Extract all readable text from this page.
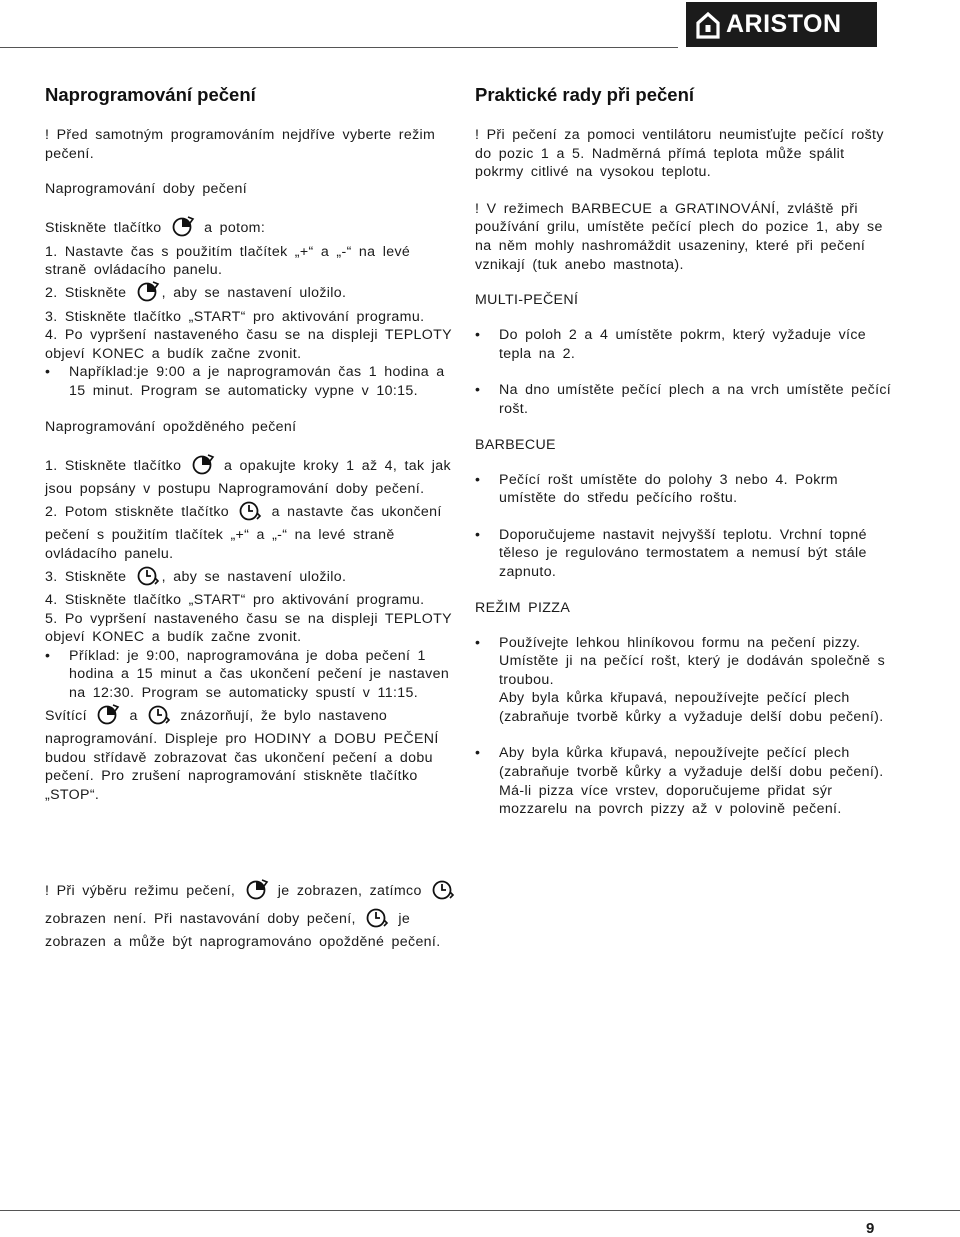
ARISTON
Naprogramování pečení

! Před samotným programováním nejdříve vyberte režim pečení.

Naprogramování doby pečení

Stiskněte tlačítko	a potom:

1. Nastavte čas s použitím tlačítek „+“ a „-“ na levé straně ovládacího panelu.

2. Stiskněte , aby se nastavení uložilo.

3. Stiskněte tlačítko „START“ pro aktivování programu.

4. Po vypršení nastaveného času se na displeji TEPLOTY objeví KONEC a budík začne zvonit.

• Například:je 9:00 a je naprogramován čas 1 hodina a 15 minut. Program se automaticky vypne v 10:15.

Naprogramování opožděného pečení

1. Stiskněte tlačítko	a opakujte kroky 1 až 4, tak jak jsou popsány v postupu Naprogramování doby pečení.

2. Potom stiskněte tlačítko	a nastavte čas ukončení pečení s použitím tlačítek „+“ a „-“ na levé straně ovládacího panelu.

3. Stiskněte , aby se nastavení uložilo.

4. Stiskněte tlačítko „START“ pro aktivování programu.

5. Po vypršení nastaveného času se na displeji TEPLOTY objeví KONEC a budík začne zvonit.

• Příklad: je 9:00, naprogramována je doba pečení 1 hodina a 15 minut a čas ukončení pečení je nastaven na 12:30. Program se automaticky spustí v 11:15.

Svítící	a	znázorňují, že bylo nastaveno naprogramování. Displeje pro HODINY a DOBU PEČENÍ budou střídavě zobrazovat čas ukončení pečení a dobu pečení. Pro zrušení naprogramování stiskněte tlačítko „STOP“.

! Při výběru režimu pečení,	je zobrazen, zatímco  zobrazen není. Při nastavování doby pečení,	je zobrazen a může být naprogramováno opožděné pečení.

Praktické rady při pečení

! Při pečení za pomoci ventilátoru neumisťujte pečící rošty do pozic 1 a 5. Nadměrná přímá teplota může spálit pokrmy citlivé na vysokou teplotu.

! V režimech BARBECUE a GRATINOVÁNÍ, zvláště při používání grilu, umístěte pečící plech do pozice 1, aby se na něm mohly nashromáždit usazeniny, které při pečení vznikají (tuk anebo mastnota).

MULTI-PEČENÍ

• Do poloh 2 a 4 umístěte pokrm, který vyžaduje více tepla na 2.

• Na dno umístěte pečící plech a na vrch umístěte pečící rošt.

BARBECUE

• Pečící rošt umístěte do polohy 3 nebo 4. Pokrm umístěte do středu pečícího roštu.

• Doporučujeme nastavit nejvyšší teplotu. Vrchní topné těleso je regulováno termostatem a nemusí být stále zapnuto.

REŽIM PIZZA

• Používejte lehkou hliníkovou formu na pečení pizzy. Umístěte ji na pečící rošt, který je dodáván společně s troubou.
Aby byla kůrka křupavá, nepoužívejte pečící plech (zabraňuje tvorbě kůrky a vyžaduje delší dobu pečení).

• Aby byla kůrka křupavá, nepoužívejte pečící plech (zabraňuje tvorbě kůrky a vyžaduje delší dobu pečení). Má-li pizza více vrstev, doporučujeme přidat sýr mozzarelu na povrch pizzy až v polovině pečení.

9
